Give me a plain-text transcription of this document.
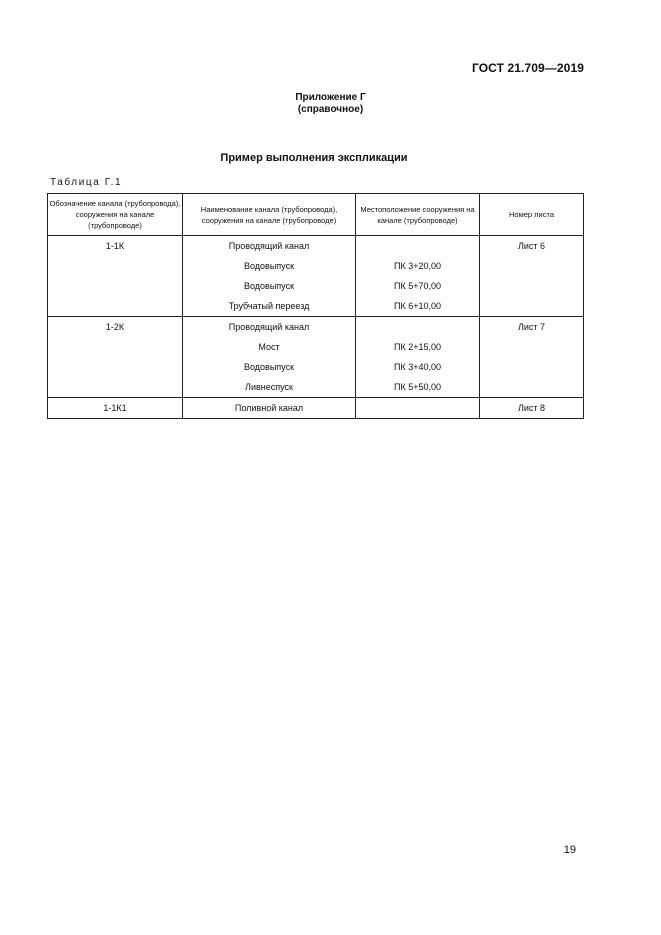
ГОСТ 21.709—2019
Приложение Г
(справочное)
Пример выполнения экспликации
Таблица Г.1
Обозначение канала (трубопровода), сооружения на канале (трубопроводе)	Наименование канала (трубопровода), сооружения на канале (трубопроводе)	Местоположение сооружения на канале (трубопроводе)	Номер листа
1-1К	Проводящий канал		Лист 6
	Водовыпуск	ПК 3+20,00	
	Водовыпуск	ПК 5+70,00	
	Трубчатый переезд	ПК 6+10,00	
1-2К	Проводящий канал		Лист 7
	Мост	ПК 2+15,00	
	Водовыпуск	ПК 3+40,00	
	Ливнеспуск	ПК 5+50,00	
1-1К1	Поливной канал		Лист 8
19
